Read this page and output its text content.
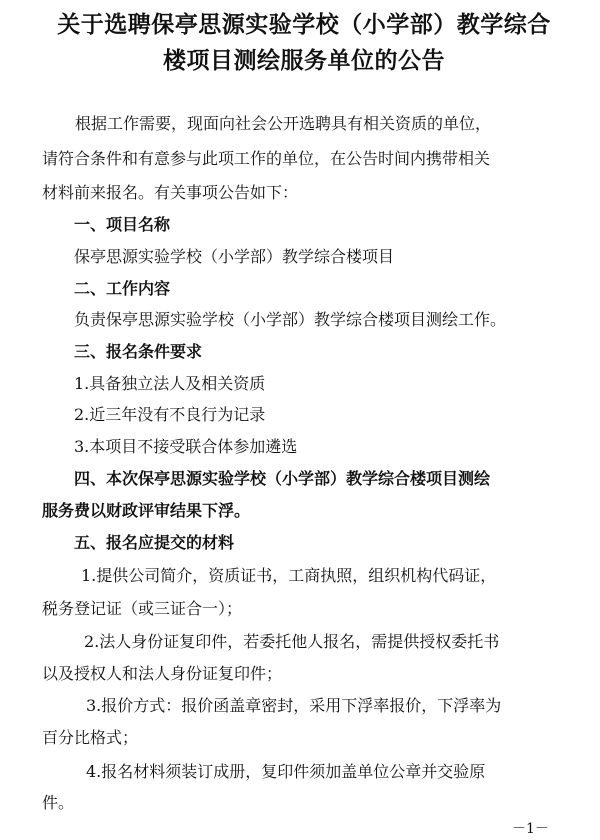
关于选聘保亭思源实验学校（小学部）教学综合
楼项目测绘服务单位的公告

根据工作需要，现面向社会公开选聘具有相关资质的单位，

请符合条件和有意参与此项工作的单位，在公告时间内携带相关

材料前来报名。有关事项公告如下：

一、项目名称

保亭思源实验学校（小学部）教学综合楼项目

二、工作内容

负责保亭思源实验学校（小学部）教学综合楼项目测绘工作。

三、报名条件要求

1.具备独立法人及相关资质

2.近三年没有不良行为记录

3.本项目不接受联合体参加遴选

四、本次保亭思源实验学校（小学部）教学综合楼项目测绘

服务费以财政评审结果下浮。

五、报名应提交的材料

1.提供公司简介，资质证书，工商执照，组织机构代码证，

税务登记证（或三证合一）；

2.法人身份证复印件，若委托他人报名，需提供授权委托书

以及授权人和法人身份证复印件；

3.报价方式：报价函盖章密封，采用下浮率报价，下浮率为

百分比格式；

4.报名材料须装订成册，复印件须加盖单位公章并交验原

件。

－1－
